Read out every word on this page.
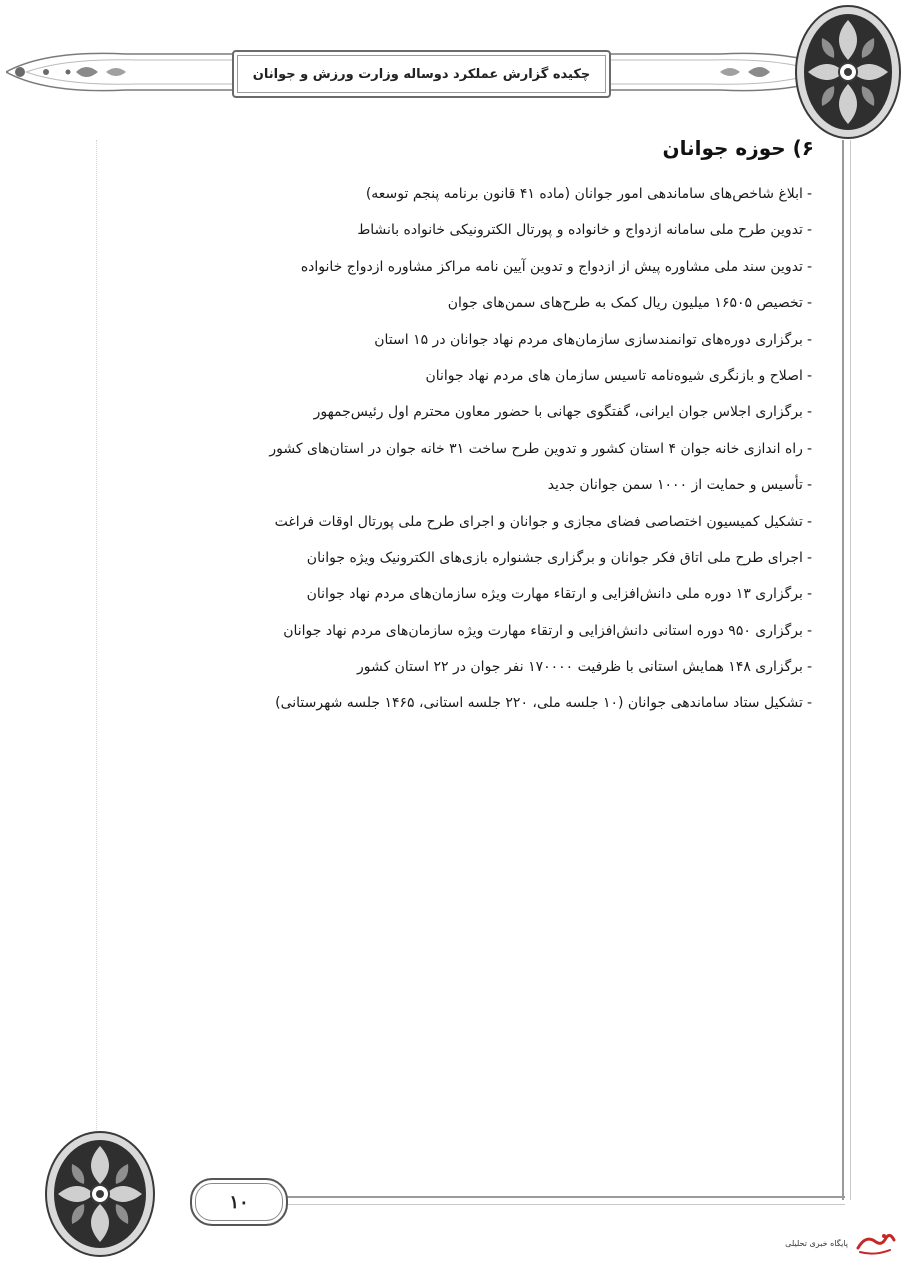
چکیده گزارش عملکرد دوساله وزارت ورزش و جوانان
۶) حوزه جوانان
-ابلاغ شاخص‌های ساماندهی امور جوانان (ماده ۴۱ قانون برنامه پنجم توسعه)
-تدوین طرح ملی سامانه ازدواج و خانواده و پورتال الکترونیکی خانواده بانشاط
-تدوین سند ملی مشاوره پیش از ازدواج و تدوین آیین نامه مراکز مشاوره ازدواج خانواده
-تخصیص ۱۶۵۰۵ میلیون ریال کمک به طرح‌های سمن‌های جوان
-برگزاری دوره‌های توانمندسازی سازمان‌های مردم نهاد جوانان در ۱۵ استان
-اصلاح و بازنگری شیوه‌نامه تاسیس سازمان های مردم نهاد جوانان
-برگزاری اجلاس جوان ایرانی، گفتگوی جهانی با حضور معاون محترم اول رئیس‌جمهور
-راه اندازی خانه جوان ۴ استان کشور و تدوین طرح ساخت ۳۱ خانه جوان در استان‌های کشور
-تأسیس و حمایت از ۱۰۰۰ سمن جوانان جدید
-تشکیل کمیسیون اختصاصی فضای مجازی و جوانان و اجرای طرح ملی پورتال اوقات فراغت
-اجرای طرح ملی اتاق فکر جوانان و برگزاری جشنواره بازی‌های الکترونیک ویژه جوانان
-برگزاری ۱۳ دوره ملی دانش‌افزایی و ارتقاء مهارت ویژه سازمان‌های مردم نهاد جوانان
-برگزاری ۹۵۰ دوره استانی دانش‌افزایی و ارتقاء مهارت ویژه سازمان‌های مردم نهاد جوانان
-برگزاری ۱۴۸ همایش استانی با ظرفیت ۱۷۰۰۰۰ نفر جوان در ۲۲ استان کشور
-تشکیل ستاد ساماندهی جوانان (۱۰ جلسه ملی، ۲۲۰ جلسه استانی، ۱۴۶۵ جلسه شهرستانی)
۱۰
پایگاه خبری تحلیلی
